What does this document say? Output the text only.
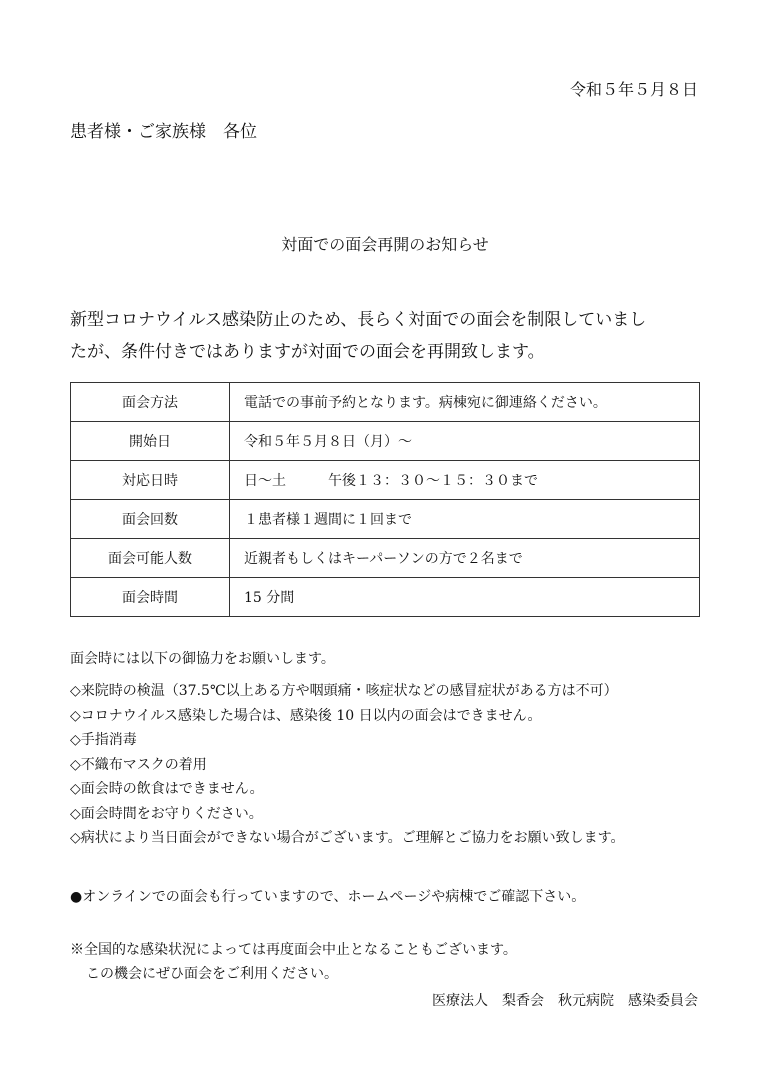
令和５年５月８日
患者様・ご家族様　各位
対面での面会再開のお知らせ
新型コロナウイルス感染防止のため、長らく対面での面会を制限していまし
たが、条件付きではありますが対面での面会を再開致します。
面会方法	電話での事前予約となります。病棟宛に御連絡ください。
開始日	令和５年５月８日（月）～
対応日時	日～土　　　午後１３：３０～１５：３０まで
面会回数	１患者様１週間に１回まで
面会可能人数	近親者もしくはキーパーソンの方で２名まで
面会時間	15 分間
面会時には以下の御協力をお願いします。
◇来院時の検温（37.5℃以上ある方や咽頭痛・咳症状などの感冒症状がある方は不可）
◇コロナウイルス感染した場合は、感染後 10 日以内の面会はできません。
◇手指消毒
◇不織布マスクの着用
◇面会時の飲食はできません。
◇面会時間をお守りください。
◇病状により当日面会ができない場合がございます。ご理解とご協力をお願い致します。
●オンラインでの面会も行っていますので、ホームページや病棟でご確認下さい。
※全国的な感染状況によっては再度面会中止となることもございます。
この機会にぜひ面会をご利用ください。
医療法人　梨香会　秋元病院　感染委員会
